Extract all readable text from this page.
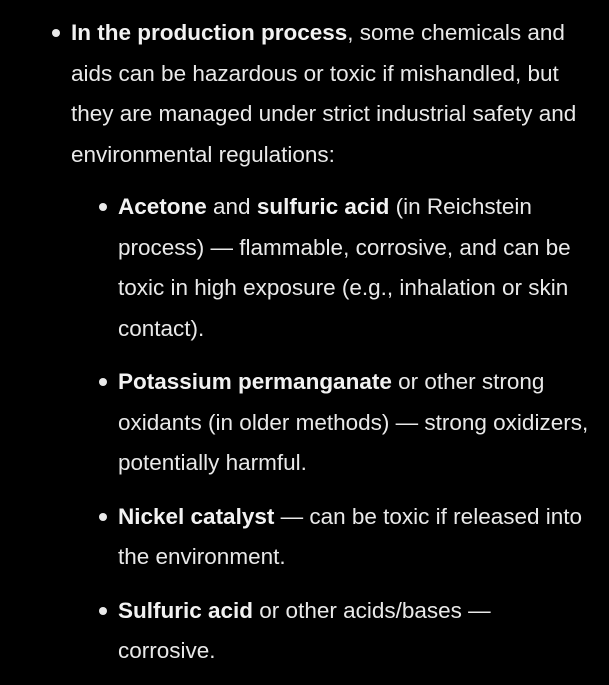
In the production process, some chemicals and aids can be hazardous or toxic if mishandled, but they are managed under strict industrial safety and environmental regulations:
Acetone and sulfuric acid (in Reichstein process) — flammable, corrosive, and can be toxic in high exposure (e.g., inhalation or skin contact).
Potassium permanganate or other strong oxidants (in older methods) — strong oxidizers, potentially harmful.
Nickel catalyst — can be toxic if released into the environment.
Sulfuric acid or other acids/bases — corrosive.
